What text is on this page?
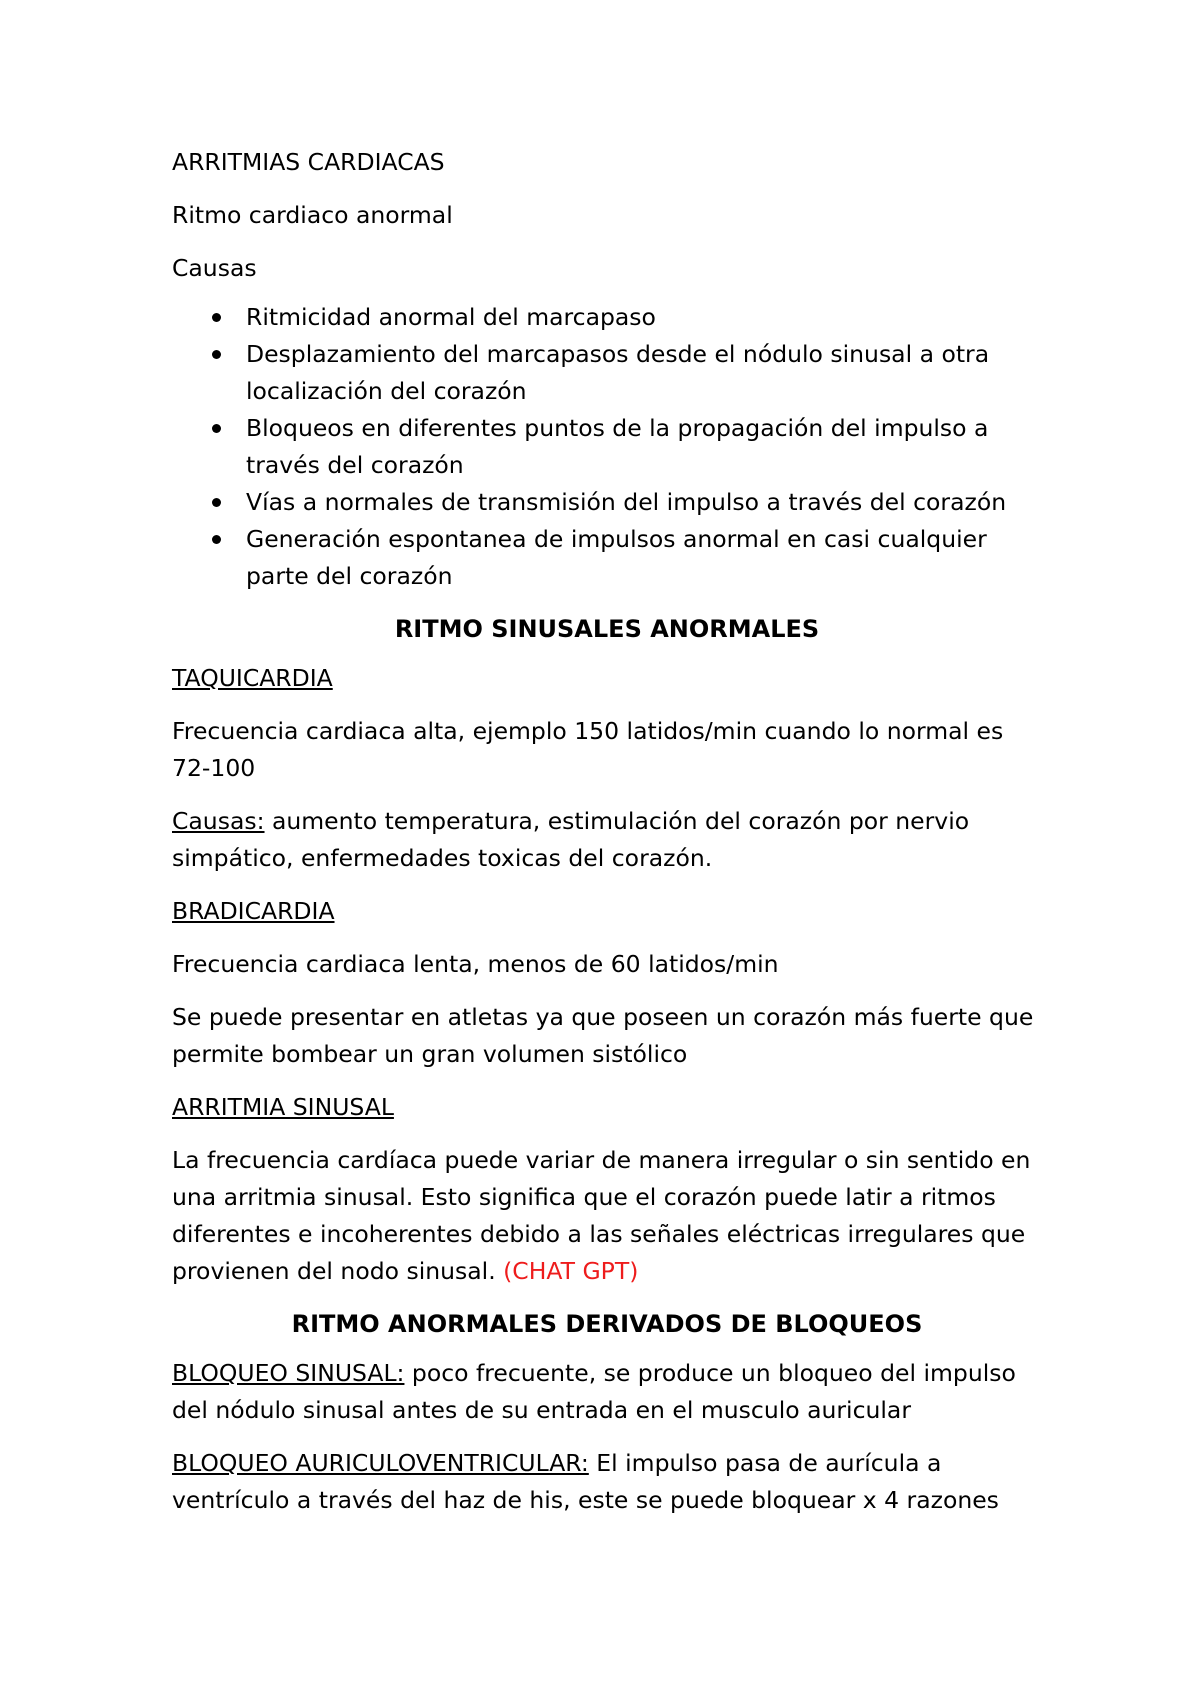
ARRITMIAS CARDIACAS

Ritmo cardiaco anormal

Causas

Ritmicidad anormal del marcapaso
Desplazamiento del marcapasos desde el nódulo sinusal a otra localización del corazón
Bloqueos en diferentes puntos de la propagación del impulso a través del corazón
Vías a normales de transmisión del impulso a través del corazón
Generación espontanea de impulsos anormal en casi cualquier parte del corazón
RITMO SINUSALES ANORMALES

TAQUICARDIA

Frecuencia cardiaca alta, ejemplo 150 latidos/min cuando lo normal es 72-100

Causas: aumento temperatura, estimulación del corazón por nervio simpático, enfermedades toxicas del corazón.

BRADICARDIA

Frecuencia cardiaca lenta, menos de 60 latidos/min

Se puede presentar en atletas ya que poseen un corazón más fuerte que permite bombear un gran volumen sistólico

ARRITMIA SINUSAL

La frecuencia cardíaca puede variar de manera irregular o sin sentido en una arritmia sinusal. Esto significa que el corazón puede latir a ritmos diferentes e incoherentes debido a las señales eléctricas irregulares que provienen del nodo sinusal. (CHAT GPT)

RITMO ANORMALES DERIVADOS DE BLOQUEOS

BLOQUEO SINUSAL: poco frecuente, se produce un bloqueo del impulso del nódulo sinusal antes de su entrada en el musculo auricular

BLOQUEO AURICULOVENTRICULAR: El impulso pasa de aurícula a ventrículo a través del haz de his, este se puede bloquear x 4 razones
